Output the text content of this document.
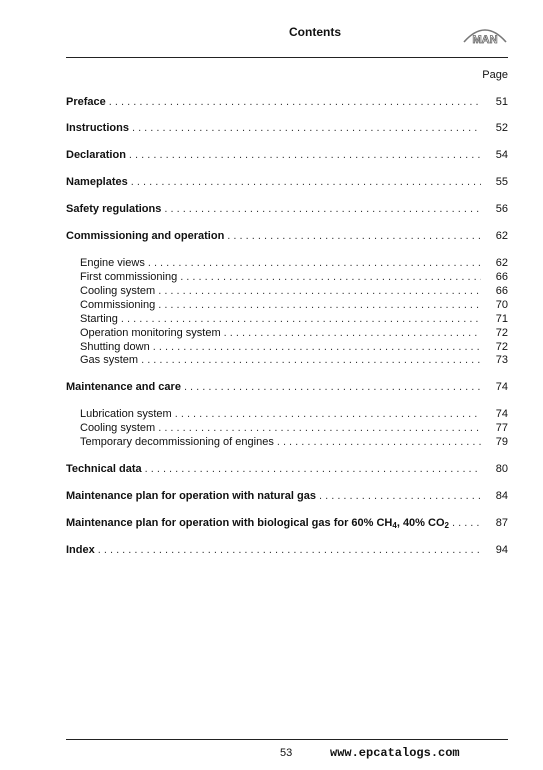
Contents
MAN
Page
Preface . . .	51
Instructions . . .	52
Declaration . . .	54
Nameplates . . .	55
Safety regulations . . .	56
Commissioning and operation . . .	62
Engine views . . .	62
First commissioning . . .	66
Cooling system . . .	66
Commissioning . . .	70
Starting . . .	71
Operation monitoring system . . .	72
Shutting down . . .	72
Gas system . . .	73
Maintenance and care . . .	74
Lubrication system . . .	74
Cooling system . . .	77
Temporary decommissioning of engines . . .	79
Technical data . . .	80
Maintenance plan for operation with natural gas . . .	84
Maintenance plan for operation with biological gas for 60% $CH_4$, 40% $CO_2$ . . .	87
Index . . .	94
53	www.epcatalogs.com
